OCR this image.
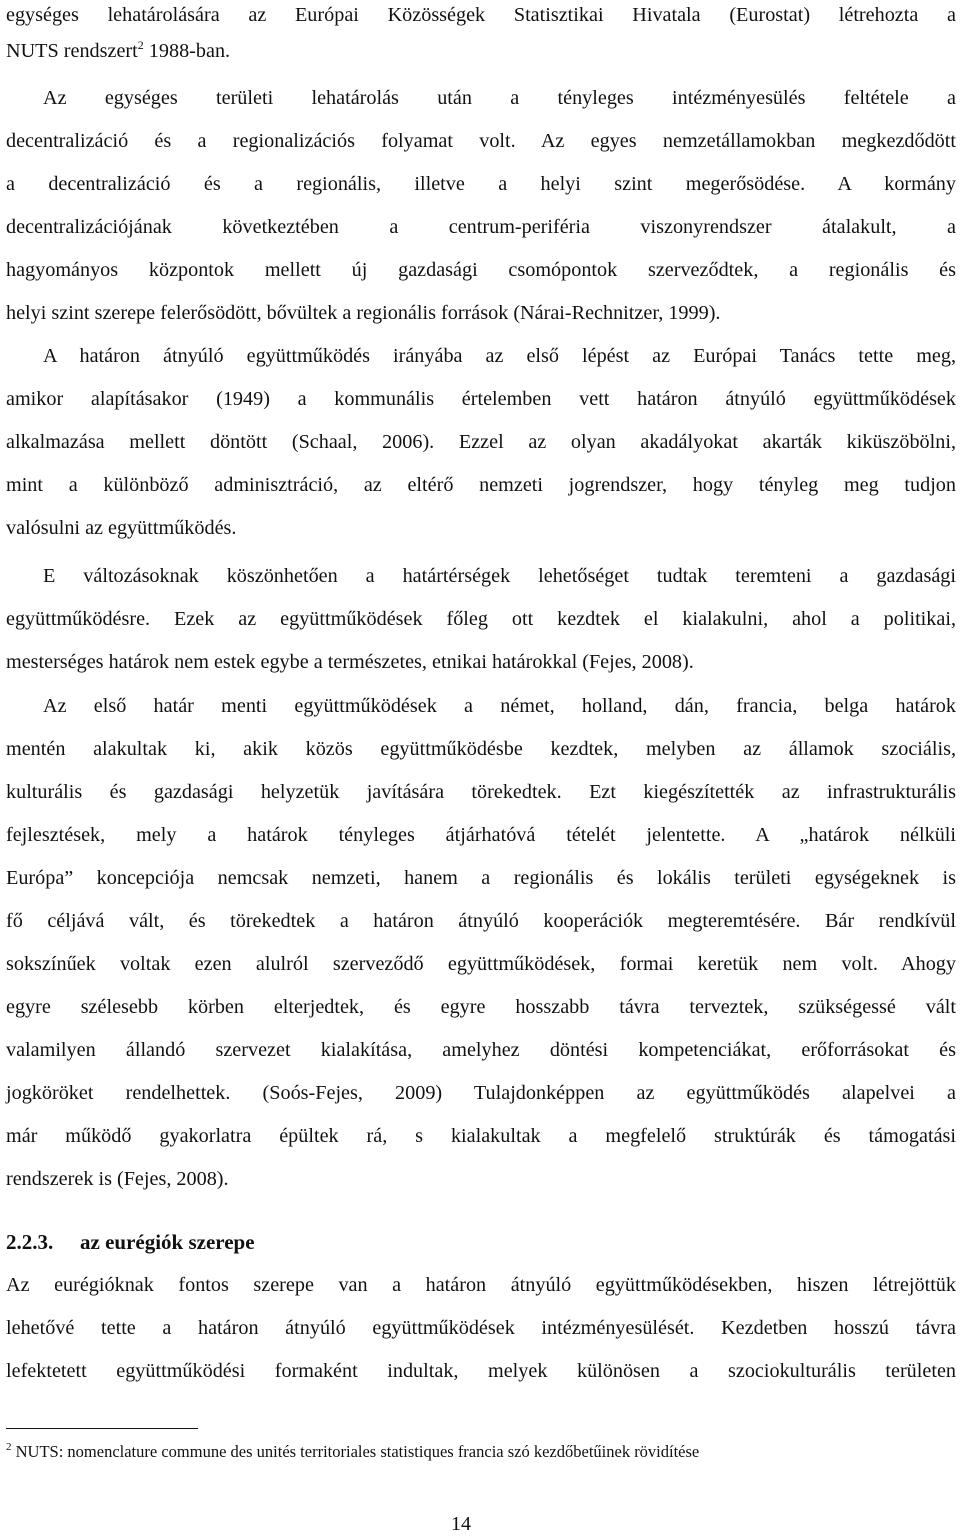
egységes lehatárolására az Európai Közösségek Statisztikai Hivatala (Eurostat) létrehozta a
NUTS rendszert$^2$ 1988-ban.
Az egységes területi lehatárolás után a tényleges intézményesülés feltétele a
decentralizáció és a regionalizációs folyamat volt. Az egyes nemzetállamokban megkezdődött
a decentralizáció és a regionális, illetve a helyi szint megerősödése. A kormány
decentralizációjának következtében a centrum-periféria viszonyrendszer átalakult, a
hagyományos központok mellett új gazdasági csomópontok szerveződtek, a regionális és
helyi szint szerepe felerősödött, bővültek a regionális források (Nárai-Rechnitzer, 1999).
A határon átnyúló együttműködés irányába az első lépést az Európai Tanács tette meg,
amikor alapításakor (1949) a kommunális értelemben vett határon átnyúló együttműködések
alkalmazása mellett döntött (Schaal, 2006). Ezzel az olyan akadályokat akarták kiküszöbölni,
mint a különböző adminisztráció, az eltérő nemzeti jogrendszer, hogy tényleg meg tudjon
valósulni az együttműködés.
E változásoknak köszönhetően a határtérségek lehetőséget tudtak teremteni a gazdasági
együttműködésre. Ezek az együttműködések főleg ott kezdtek el kialakulni, ahol a politikai,
mesterséges határok nem estek egybe a természetes, etnikai határokkal (Fejes, 2008).
Az első határ menti együttműködések a német, holland, dán, francia, belga határok
mentén alakultak ki, akik közös együttműködésbe kezdtek, melyben az államok szociális,
kulturális és gazdasági helyzetük javítására törekedtek. Ezt kiegészítették az infrastrukturális
fejlesztések, mely a határok tényleges átjárhatóvá tételét jelentette. A „határok nélküli
Európa” koncepciója nemcsak nemzeti, hanem a regionális és lokális területi egységeknek is
fő céljává vált, és törekedtek a határon átnyúló kooperációk megteremtésére. Bár rendkívül
sokszínűek voltak ezen alulról szerveződő együttműködések, formai keretük nem volt. Ahogy
egyre szélesebb körben elterjedtek, és egyre hosszabb távra terveztek, szükségessé vált
valamilyen állandó szervezet kialakítása, amelyhez döntési kompetenciákat, erőforrásokat és
jogköröket rendelhettek. (Soós-Fejes, 2009) Tulajdonképpen az együttműködés alapelvei a
már működő gyakorlatra épültek rá, s kialakultak a megfelelő struktúrák és támogatási
rendszerek is (Fejes, 2008).
2.2.3. az eurégiók szerepe
Az eurégióknak fontos szerepe van a határon átnyúló együttműködésekben, hiszen létrejöttük
lehetővé tette a határon átnyúló együttműködések intézményesülését. Kezdetben hosszú távra
lefektetett együttműködési formaként indultak, melyek különösen a szociokulturális területen
$^2$ NUTS: nomenclature commune des unités territoriales statistiques francia szó kezdőbetűinek rövidítése
14
